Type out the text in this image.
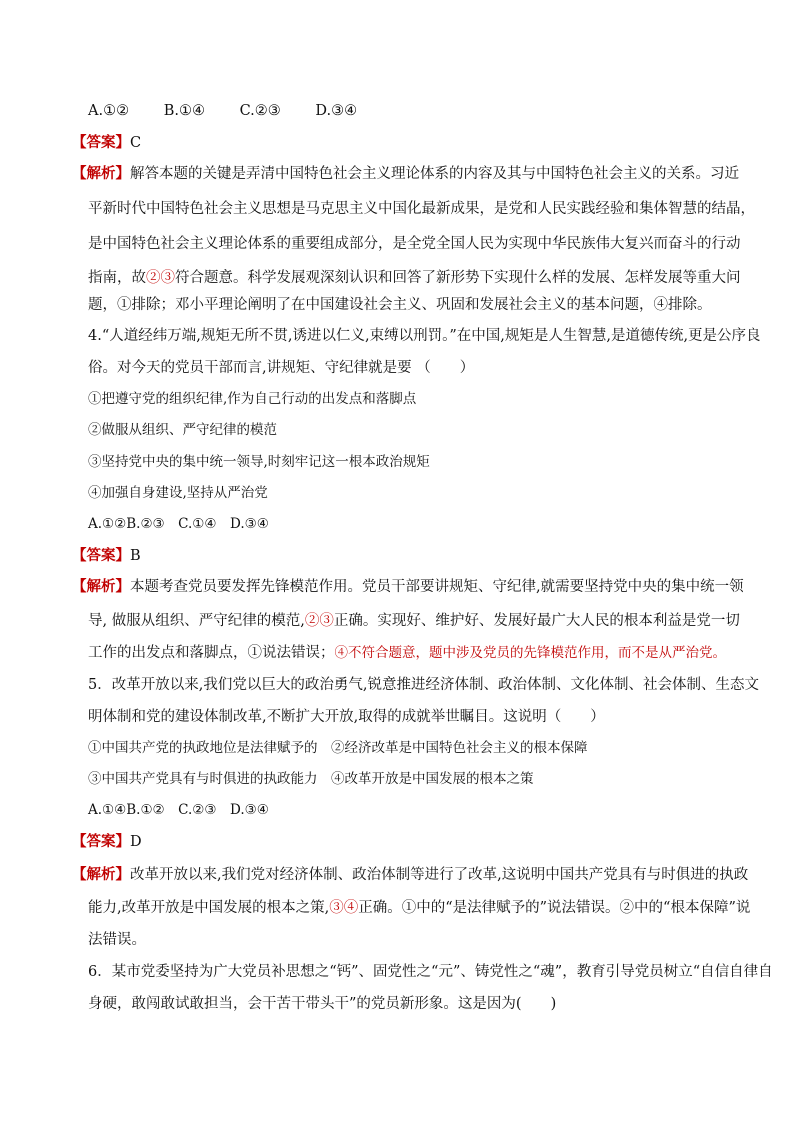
A.①② B.①④ C.②③ D.③④
【答案】C
【解析】解答本题的关键是弄清中国特色社会主义理论体系的内容及其与中国特色社会主义的关系。习近
平新时代中国特色社会主义思想是马克思主义中国化最新成果，是党和人民实践经验和集体智慧的结晶，
是中国特色社会主义理论体系的重要组成部分，是全党全国人民为实现中华民族伟大复兴而奋斗的行动
指南，故②③符合题意。科学发展观深刻认识和回答了新形势下实现什么样的发展、怎样发展等重大问
题，①排除；邓小平理论阐明了在中国建设社会主义、巩固和发展社会主义的基本问题，④排除。
4.“人道经纬万端,规矩无所不贯,诱进以仁义,束缚以刑罚。”在中国,规矩是人生智慧,是道德传统,更是公序良
俗。对今天的党员干部而言,讲规矩、守纪律就是要 （　　）
①把遵守党的组织纪律,作为自己行动的出发点和落脚点
②做服从组织、严守纪律的模范
③坚持党中央的集中统一领导,时刻牢记这一根本政治规矩
④加强自身建设,坚持从严治党
A.①②B.②③　C.①④　D.③④
【答案】B
【解析】本题考查党员要发挥先锋模范作用。党员干部要讲规矩、守纪律,就需要坚持党中央的集中统一领
导, 做服从组织、严守纪律的模范,②③正确。实现好、维护好、发展好最广大人民的根本利益是党一切
工作的出发点和落脚点，①说法错误；④不符合题意，题中涉及党员的先锋模范作用，而不是从严治党。
5．改革开放以来,我们党以巨大的政治勇气,锐意推进经济体制、政治体制、文化体制、社会体制、生态文
明体制和党的建设体制改革,不断扩大开放,取得的成就举世瞩目。这说明（　　）
①中国共产党的执政地位是法律赋予的　②经济改革是中国特色社会主义的根本保障
③中国共产党具有与时俱进的执政能力　④改革开放是中国发展的根本之策
A.①④B.①②　C.②③　D.③④
【答案】D
【解析】改革开放以来,我们党对经济体制、政治体制等进行了改革,这说明中国共产党具有与时俱进的执政
能力,改革开放是中国发展的根本之策,③④正确。①中的“是法律赋予的”说法错误。②中的“根本保障”说
法错误。
6．某市党委坚持为广大党员补思想之“钙”、固党性之“元”、铸党性之“魂”，教育引导党员树立“自信自律自
身硬，敢闯敢试敢担当，会干苦干带头干”的党员新形象。这是因为(　　)
